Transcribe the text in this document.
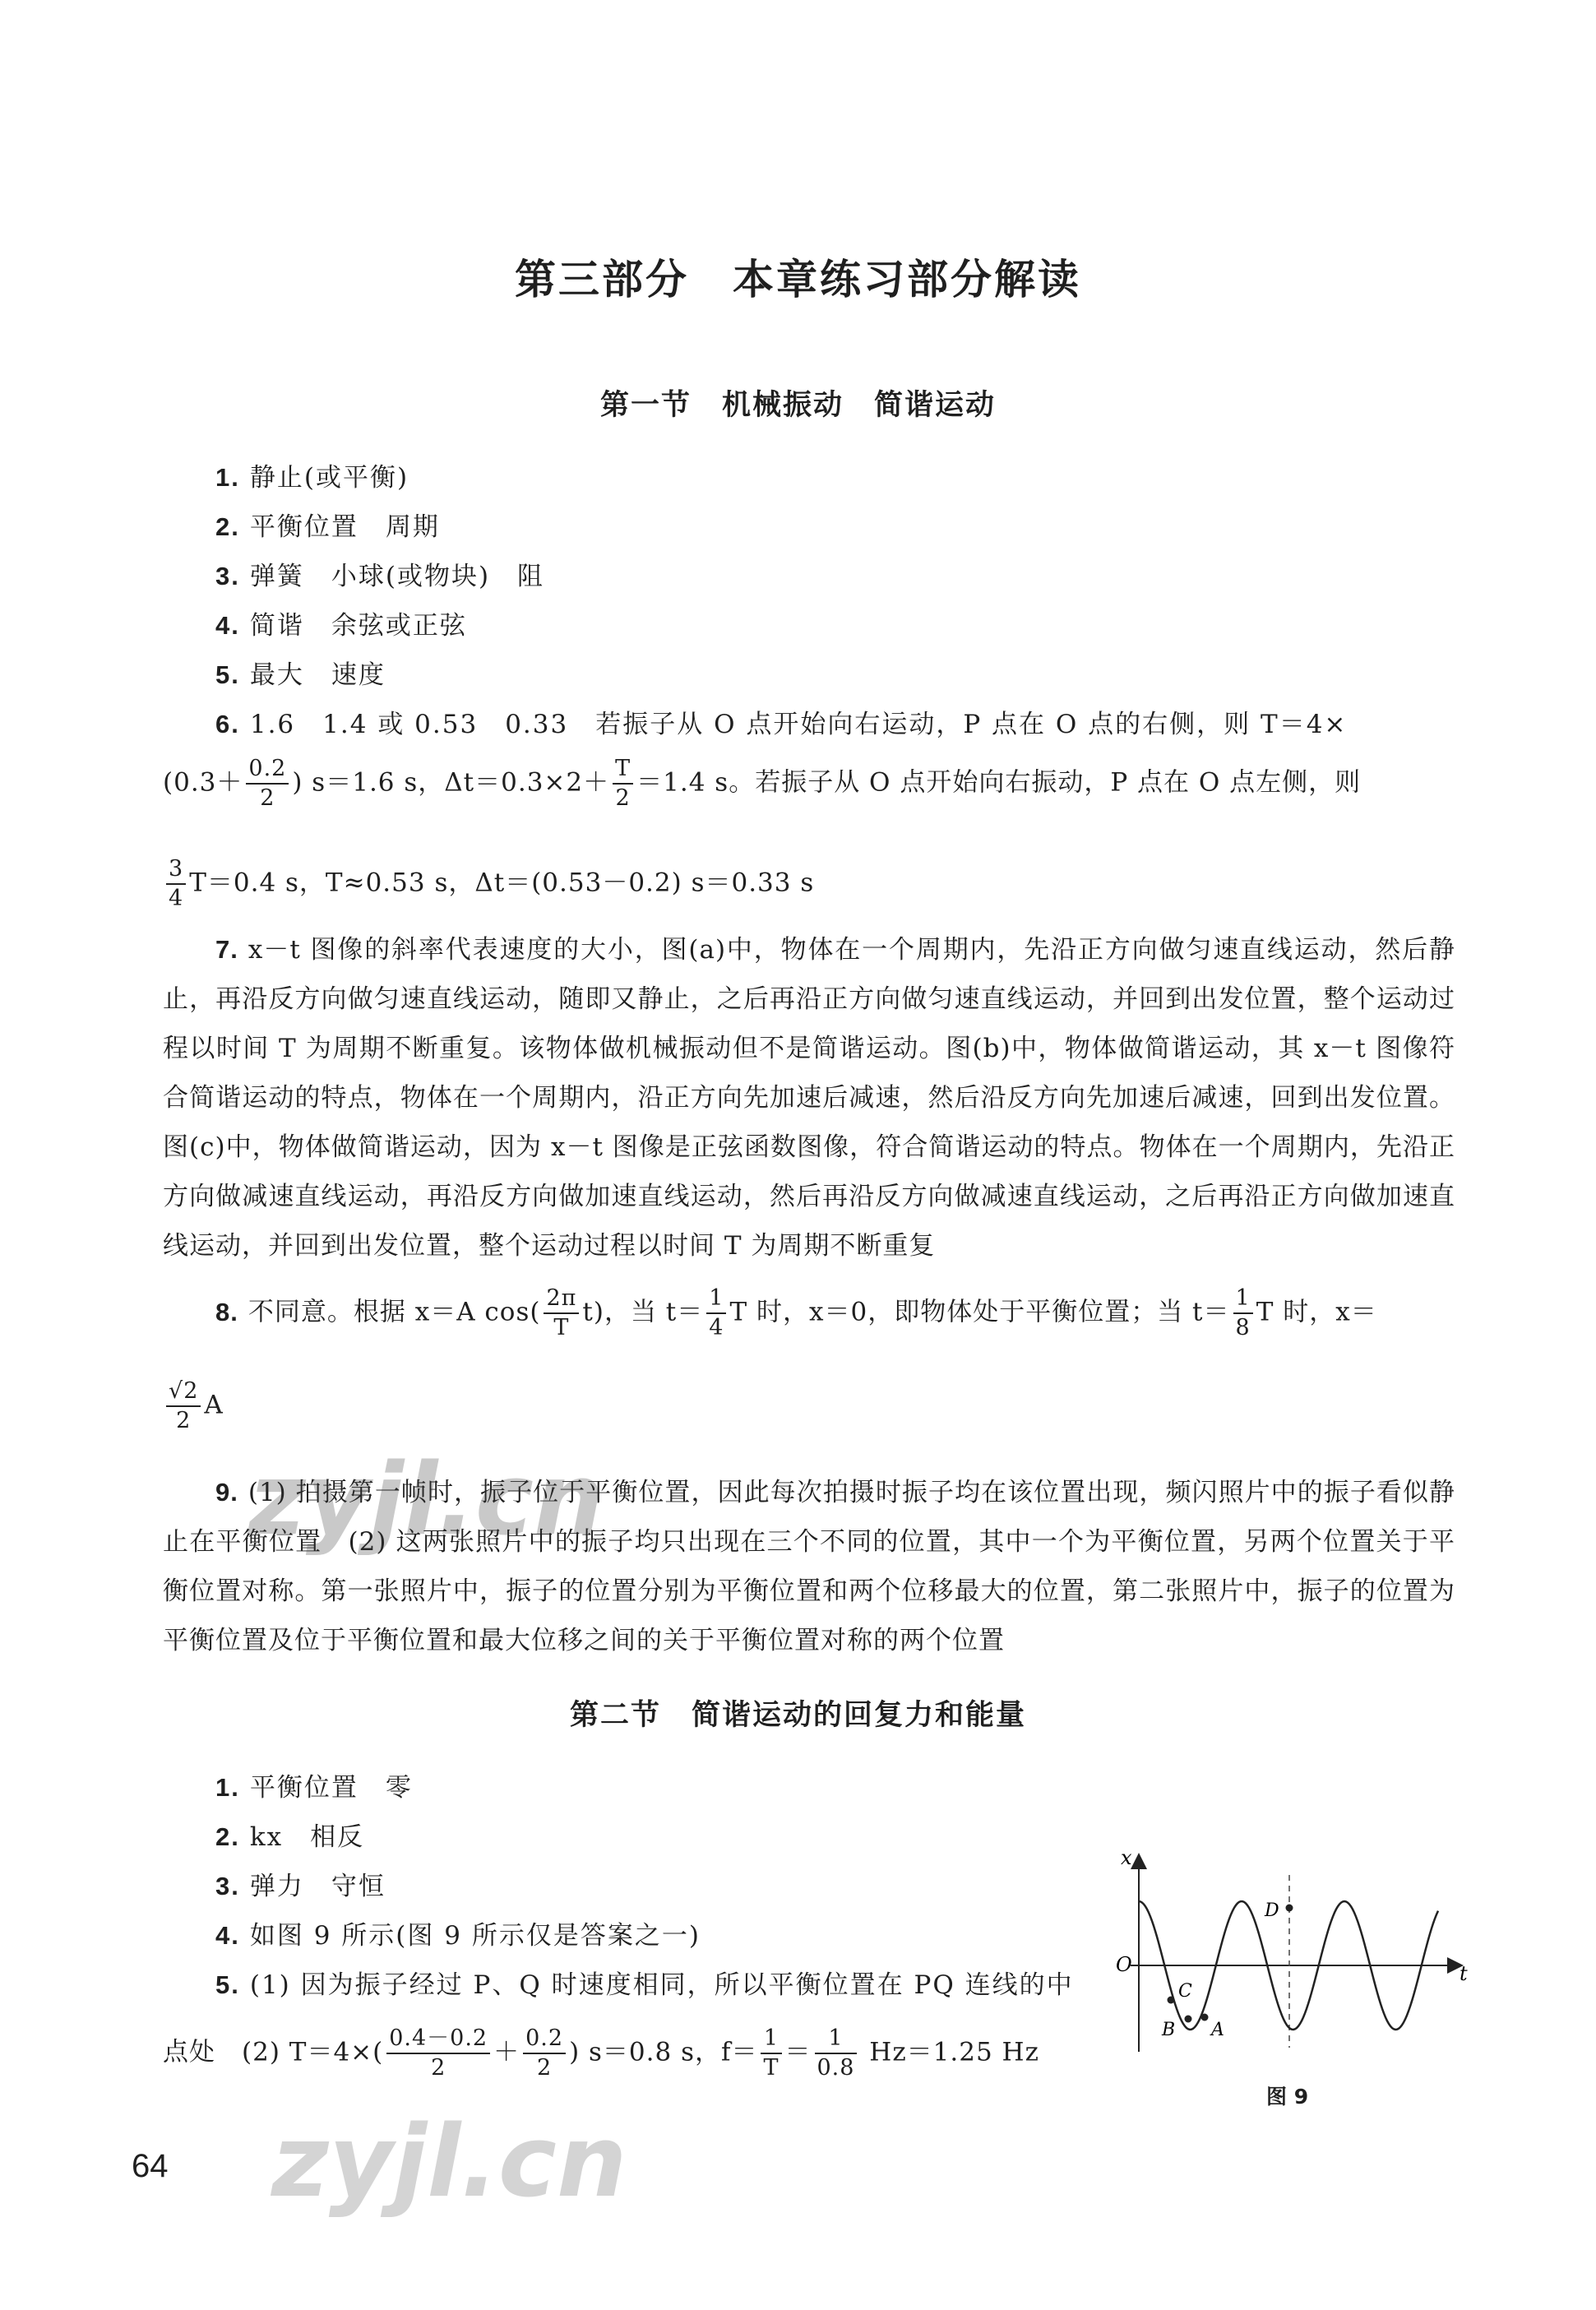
第三部分　本章练习部分解读
第一节　机械振动　简谐运动
1. 静止(或平衡)
2. 平衡位置　周期
3. 弹簧　小球(或物块)　阻
4. 简谐　余弦或正弦
5. 最大　速度
6. 1.6　1.4 或 0.53　0.33　若振子从 O 点开始向右运动，P 点在 O 点的右侧，则 T＝4×
($0.3+ \frac{0.2}{2}$ ) s＝1.6 s，$\Delta t=0.3\times 2+ \frac{T}{2} =1.4$ s。若振子从 O 点开始向右振动，P 点在 O 点左侧，则
$\frac{3}{4} T=0.4$ s，T≈0.53 s，Δt＝(0.53－0.2) s＝0.33 s
7. x－t 图像的斜率代表速度的大小，图(a)中，物体在一个周期内，先沿正方向做匀速直线运动，然后静止，再沿反方向做匀速直线运动，随即又静止，之后再沿正方向做匀速直线运动，并回到出发位置，整个运动过程以时间 T 为周期不断重复。该物体做机械振动但不是简谐运动。图(b)中，物体做简谐运动，其 x－t 图像符合简谐运动的特点，物体在一个周期内，沿正方向先加速后减速，然后沿反方向先加速后减速，回到出发位置。图(c)中，物体做简谐运动，因为 x－t 图像是正弦函数图像，符合简谐运动的特点。物体在一个周期内，先沿正方向做减速直线运动，再沿反方向做加速直线运动，然后再沿反方向做减速直线运动，之后再沿正方向做加速直线运动，并回到出发位置，整个运动过程以时间 T 为周期不断重复
8. 不同意。根据 x＝A $\cos( \frac{2\pi}{T} t)$，当 $t= \frac{1}{4}$ T 时，x＝0，即物体处于平衡位置；当 $t= \frac{1}{8}$ T 时，x＝
$\frac{√2}{2}$ A
9. (1) 拍摄第一帧时，振子位于平衡位置，因此每次拍摄时振子均在该位置出现，频闪照片中的振子看似静止在平衡位置　(2) 这两张照片中的振子均只出现在三个不同的位置，其中一个为平衡位置，另两个位置关于平衡位置对称。第一张照片中，振子的位置分别为平衡位置和两个位移最大的位置，第二张照片中，振子的位置为平衡位置及位于平衡位置和最大位移之间的关于平衡位置对称的两个位置
第二节　简谐运动的回复力和能量
1. 平衡位置　零
2. kx　相反
3. 弹力　守恒
4. 如图 9 所示(图 9 所示仅是答案之一)
5. (1) 因为振子经过 P、Q 时速度相同，所以平衡位置在 PQ 连线的中
点处　(2) $T=4\times( \frac{0.4-0.2}{2} + \frac{0.2}{2}$ ) s＝0.8 s，$f= \frac{1}{T} = \frac{1}{0.8} Hz=1.25$ Hz
x
O	t
C
B A
D
图 9
zyjl.cn
zyjl.cn
64
